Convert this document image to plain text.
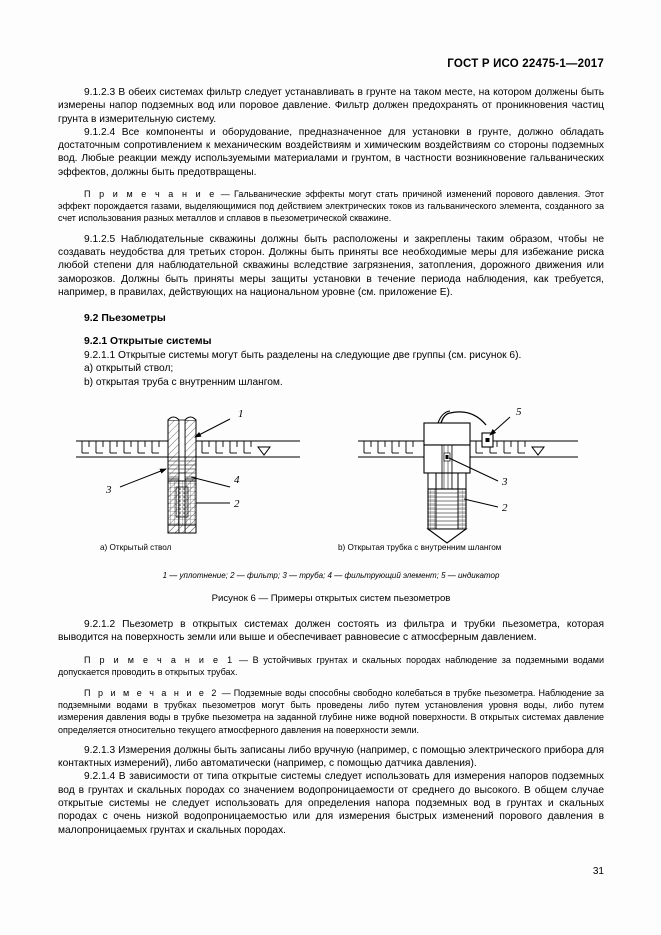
ГОСТ Р ИСО 22475-1—2017

9.1.2.3 В обеих системах фильтр следует устанавливать в грунте на таком месте, на котором должены быть измерены напор подземных вод или поровое давление. Фильтр должен предохранять от проникновения частиц грунта в измерительную систему.

9.1.2.4 Все компоненты и оборудование, предназначенное для установки в грунте, должно обладать достаточным сопротивлением к механическим воздействиям и химическим воздействиям со стороны подземных вод. Любые реакции между используемыми материалами и грунтом, в частности возникновение гальванических эффектов, должны быть предотвращены.

П р и м е ч а н и е — Гальванические эффекты могут стать причиной изменений порового давления. Этот эффект порождается газами, выделяющимися под действием электрических токов из гальванического элемента, созданного за счет использования разных металлов и сплавов в пьезометрической скважине.

9.1.2.5 Наблюдательные скважины должны быть расположены и закреплены таким образом, чтобы не создавать неудобства для третьих сторон. Должны быть приняты все необходимые меры для избежание риска любой степени для наблюдательной скважины вследствие загрязнения, затопления, дорожного движения или заморозков. Должны быть приняты меры защиты установки в течение периода наблюдения, как требуется, например, в правилах, действующих на национальном уровне (см. приложение Е).

9.2 Пьезометры
9.2.1 Открытые системы

9.2.1.1 Открытые системы могут быть разделены на следующие две группы (см. рисунок 6).

a) открытый ствол;

b) открытая труба с внутренним шлангом.

1
3
4
2
5
3
2
a) Открытый ствол	b) Открытая трубка с внутренним шлангом
1 — уплотнение; 2 — фильтр; 3 — труба; 4 — фильтрующий элемент; 5 — индикатор
Рисунок 6 — Примеры открытых систем пьезометров

9.2.1.2 Пьезометр в открытых системах должен состоять из фильтра и трубки пьезометра, которая выводится на поверхность земли или выше и обеспечивает равновесие с атмосферным давлением.

П р и м е ч а н и е 1 — В устойчивых грунтах и скальных породах наблюдение за подземными водами допускается проводить в открытых трубах.

П р и м е ч а н и е 2 — Подземные воды способны свободно колебаться в трубке пьезометра. Наблюдение за подземными водами в трубках пьезометров могут быть проведены либо путем установления уровня воды, либо путем измерения давления воды в трубке пьезометра на заданной глубине ниже водной поверхности. В открытых системах давление определяется относительно текущего атмосферного давления на поверхности земли.

9.2.1.3 Измерения должны быть записаны либо вручную (например, с помощью электрического прибора для контактных измерений), либо автоматически (например, с помощью датчика давления).

9.2.1.4 В зависимости от типа открытые системы следует использовать для измерения напоров подземных вод в грунтах и скальных породах со значением водопроницаемости от среднего до высокого. В общем случае открытые системы не следует использовать для определения напора подземных вод в грунтах и скальных породах с очень низкой водопроницаемостью или для измерения быстрых изменений порового давления в малопроницаемых грунтах и скальных породах.

31
